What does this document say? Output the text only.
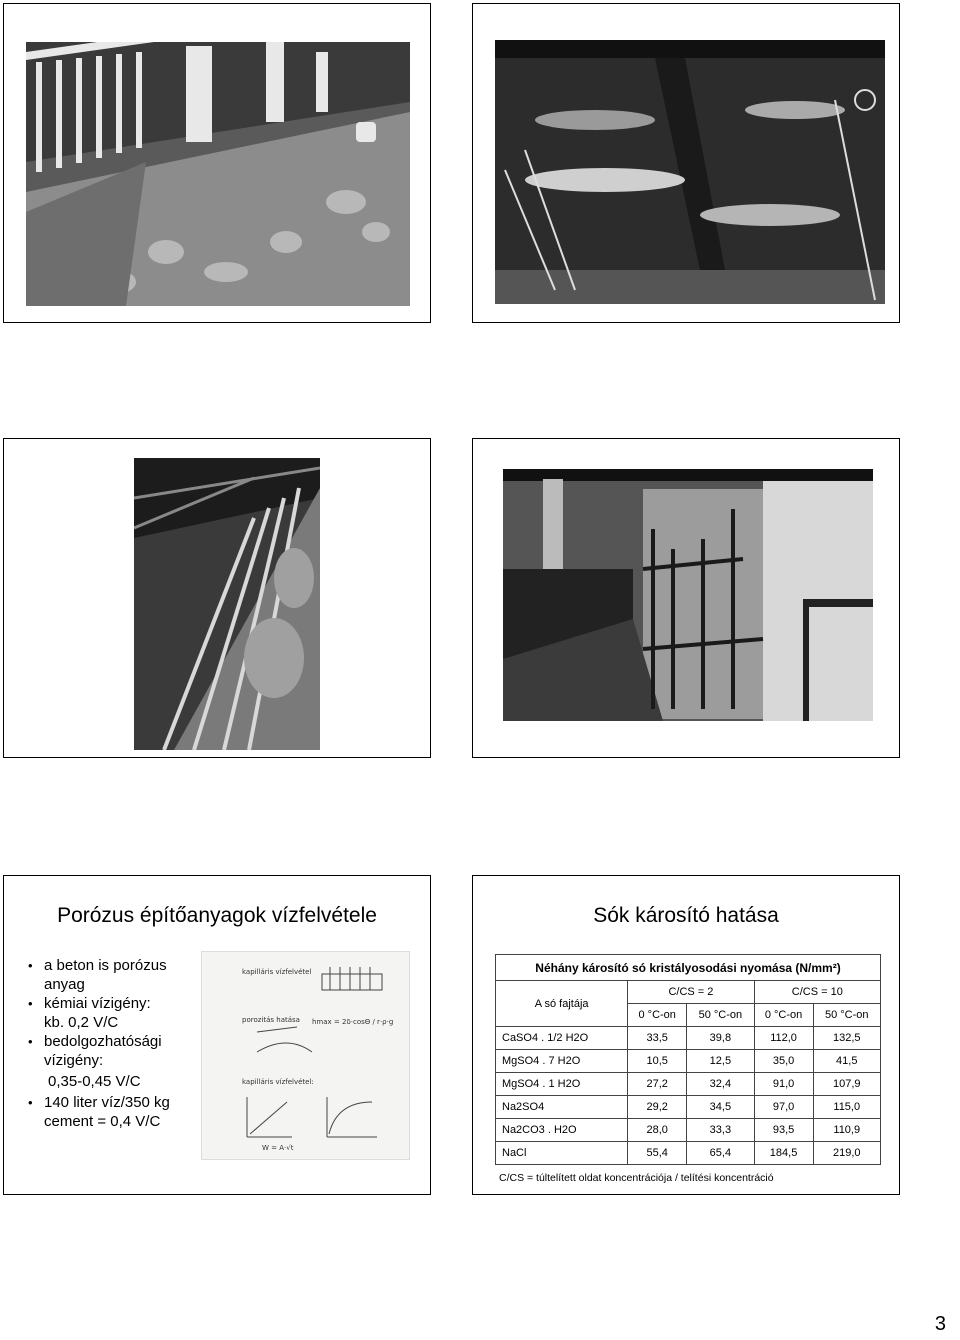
Porózus építőanyagok vízfelvétele
• a beton is porózus anyag
• kémiai vízigény:
kb. 0,2 V/C
• bedolgozhatósági vízigény:
0,35-0,45 V/C
• 140 liter víz/350 kg cement = 0,4 V/C
kapilláris vízfelvétel
porozitás hatása hmax = 2δ·cosΘ / r·ρ·g
kapilláris vízfelvétel:
W = A·√t
Sók károsító hatása
Néhány károsító só kristályosodási nyomása (N/mm²)				
A só fajtája	C/CS = 2		C/CS = 10	
	0 °C-on	50 °C-on	0 °C-on	50 °C-on
CaSO4 . 1/2 H2O	33,5	39,8	112,0	132,5
MgSO4 . 7 H2O	10,5	12,5	35,0	41,5
MgSO4 . 1 H2O	27,2	32,4	91,0	107,9
Na2SO4	29,2	34,5	97,0	115,0
Na2CO3 . H2O	28,0	33,3	93,5	110,9
NaCl	55,4	65,4	184,5	219,0
C/CS = túltelített oldat koncentrációja / telítési koncentráció
3
